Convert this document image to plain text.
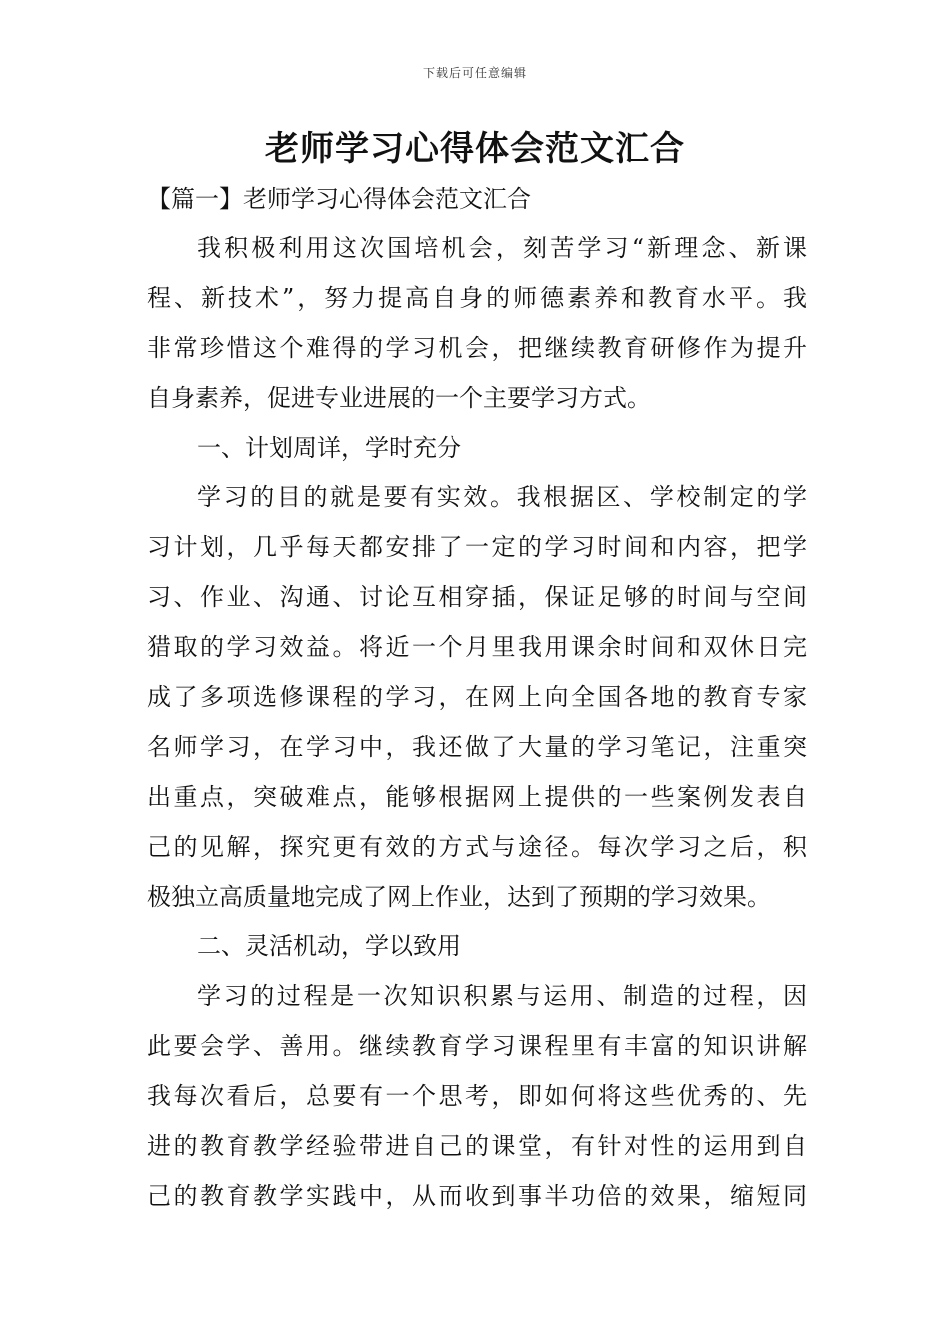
下载后可任意编辑
老师学习心得体会范文汇合
【篇一】老师学习心得体会范文汇合
我积极利用这次国培机会，刻苦学习“新理念、新课
程、新技术”，努力提高自身的师德素养和教育水平。我
非常珍惜这个难得的学习机会，把继续教育研修作为提升
自身素养，促进专业进展的一个主要学习方式。
一、计划周详，学时充分
学习的目的就是要有实效。我根据区、学校制定的学
习计划，几乎每天都安排了一定的学习时间和内容，把学
习、作业、沟通、讨论互相穿插，保证足够的时间与空间
猎取的学习效益。将近一个月里我用课余时间和双休日完
成了多项选修课程的学习，在网上向全国各地的教育专家
名师学习，在学习中，我还做了大量的学习笔记，注重突
出重点，突破难点，能够根据网上提供的一些案例发表自
己的见解，探究更有效的方式与途径。每次学习之后，积
极独立高质量地完成了网上作业，达到了预期的学习效果。
二、灵活机动，学以致用
学习的过程是一次知识积累与运用、制造的过程，因
此要会学、善用。继续教育学习课程里有丰富的知识讲解
我每次看后，总要有一个思考，即如何将这些优秀的、先
进的教育教学经验带进自己的课堂，有针对性的运用到自
己的教育教学实践中，从而收到事半功倍的效果，缩短同
